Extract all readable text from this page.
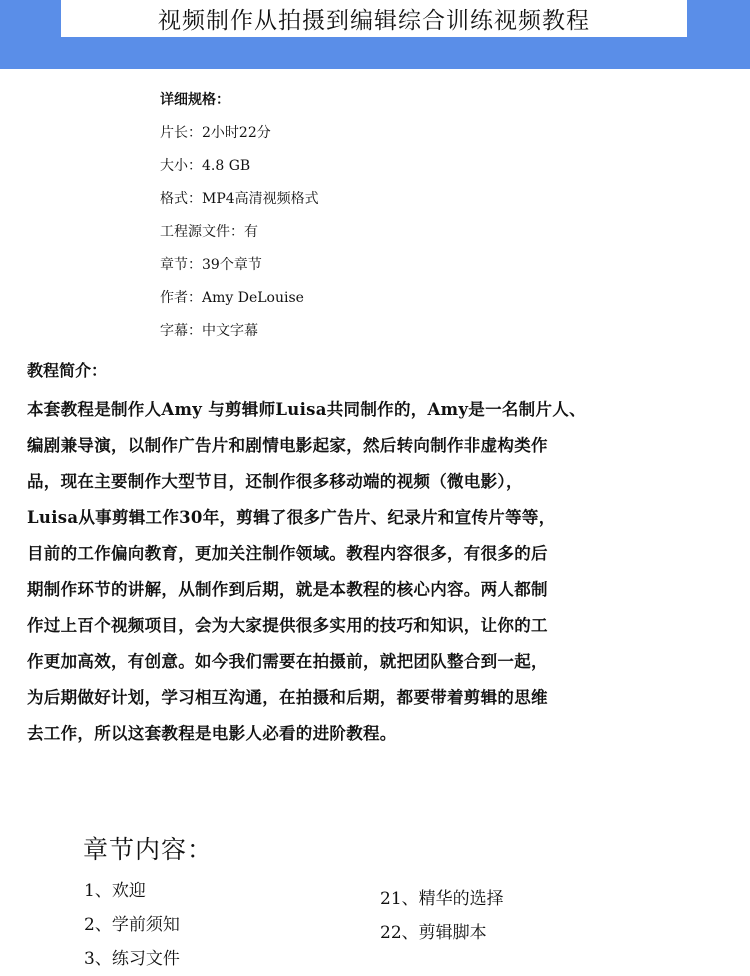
视频制作从拍摄到编辑综合训练视频教程
详细规格：
片长：2小时22分
大小：4.8 GB
格式：MP4高清视频格式
工程源文件：有
章节：39个章节
作者：Amy DeLouise
字幕：中文字幕
教程简介：
本套教程是制作人Amy 与剪辑师Luisa共同制作的，Amy是一名制片人、
编剧兼导演，以制作广告片和剧情电影起家，然后转向制作非虚构类作
品，现在主要制作大型节目，还制作很多移动端的视频（微电影），
Luisa从事剪辑工作30年，剪辑了很多广告片、纪录片和宣传片等等，
目前的工作偏向教育，更加关注制作领域。教程内容很多，有很多的后
期制作环节的讲解，从制作到后期，就是本教程的核心内容。两人都制
作过上百个视频项目，会为大家提供很多实用的技巧和知识，让你的工
作更加高效，有创意。如今我们需要在拍摄前，就把团队整合到一起，
为后期做好计划，学习相互沟通，在拍摄和后期，都要带着剪辑的思维
去工作，所以这套教程是电影人必看的进阶教程。
章节内容：
1、欢迎
2、学前须知
3、练习文件
21、精华的选择
22、剪辑脚本
